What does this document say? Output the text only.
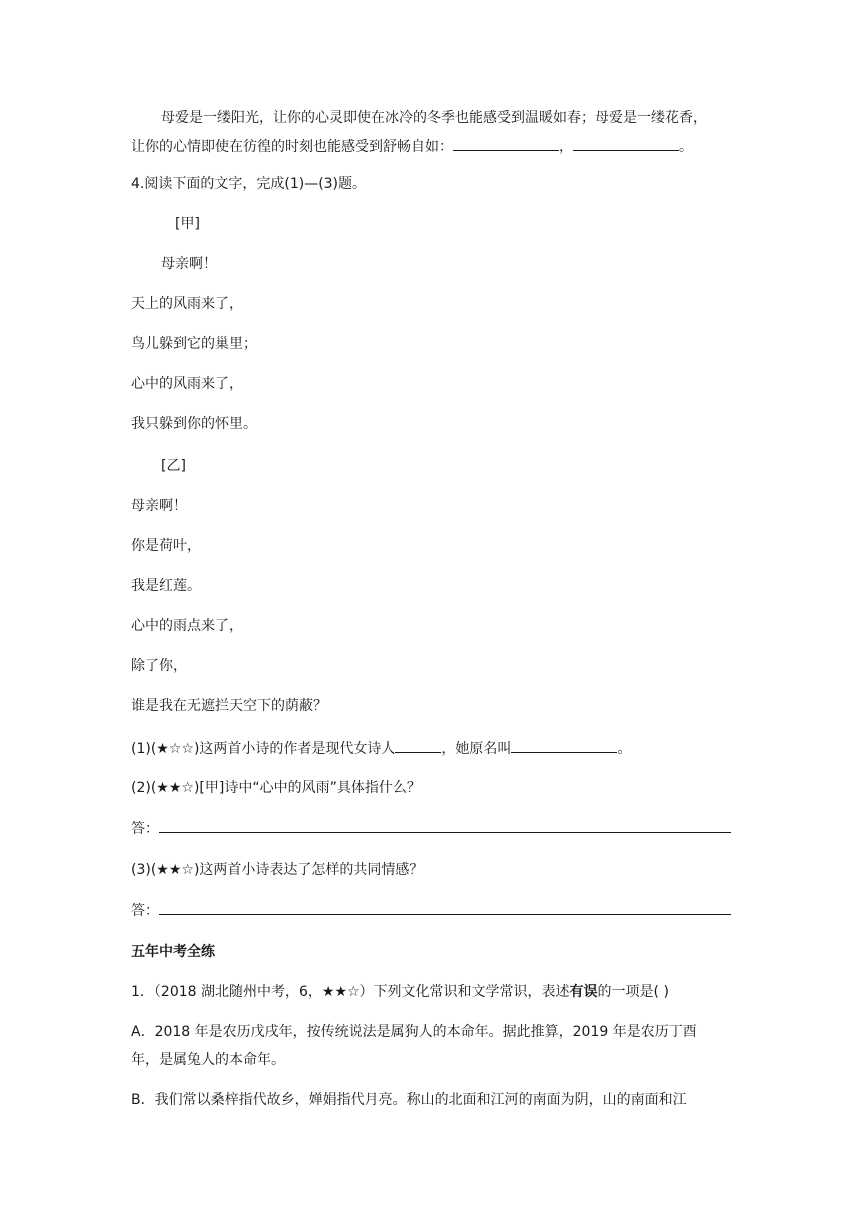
母爱是一缕阳光，让你的心灵即使在冰冷的冬季也能感受到温暖如春；母爱是一缕花香，
让你的心情即使在彷徨的时刻也能感受到舒畅自如：	，	。
4.阅读下面的文字，完成(1)—(3)题。
[甲]
母亲啊！
天上的风雨来了，
鸟儿躲到它的巢里；
心中的风雨来了，
我只躲到你的怀里。
[乙]
母亲啊！
你是荷叶，
我是红莲。
心中的雨点来了，
除了你，
谁是我在无遮拦天空下的荫蔽？
(1)(★☆☆)这两首小诗的作者是现代女诗人	，她原名叫	。
(2)(★★☆)[甲]诗中“心中的风雨”具体指什么？
答：
(3)(★★☆)这两首小诗表达了怎样的共同情感？
答：
五年中考全练
1．（2018 湖北随州中考，6，★★☆）下列文化常识和文学常识，表述有误的一项是( )
A．2018 年是农历戊戌年，按传统说法是属狗人的本命年。据此推算，2019 年是农历丁酉
年，是属兔人的本命年。
B．我们常以桑梓指代故乡，婵娟指代月亮。称山的北面和江河的南面为阴，山的南面和江
